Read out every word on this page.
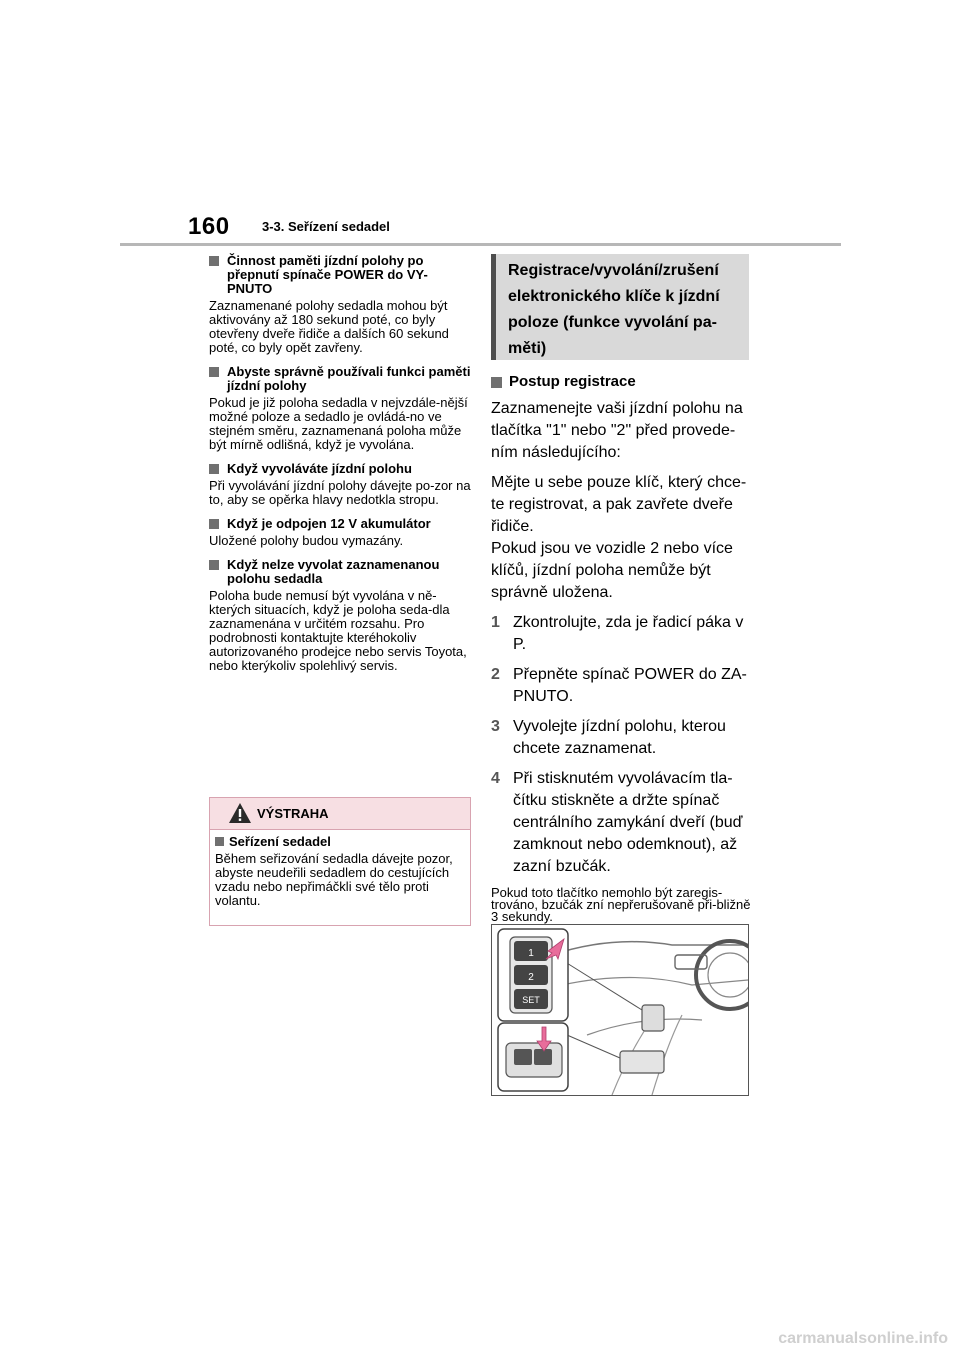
160 3-3. Seřízení sedadel
Činnost paměti jízdní polohy po přepnutí spínače POWER do VY-PNUTO
Zaznamenané polohy sedadla mohou být aktivovány až 180 sekund poté, co byly otevřeny dveře řidiče a dalších 60 sekund poté, co byly opět zavřeny.
Abyste správně používali funkci paměti jízdní polohy
Pokud je již poloha sedadla v nejvzdále-nější možné poloze a sedadlo je ovládá-no ve stejném směru, zaznamenaná poloha může být mírně odlišná, když je vyvolána.
Když vyvoláváte jízdní polohu
Při vyvolávání jízdní polohy dávejte po-zor na to, aby se opěrka hlavy nedotkla stropu.
Když je odpojen 12 V akumulátor
Uložené polohy budou vymazány.
Když nelze vyvolat zaznamenanou polohu sedadla
Poloha bude nemusí být vyvolána v ně-kterých situacích, když je poloha seda-dla zaznamenána v určitém rozsahu. Pro podrobnosti kontaktujte kteréhokoliv autorizovaného prodejce nebo servis Toyota, nebo kterýkoliv spolehlivý servis.
VÝSTRAHA
Seřízení sedadel
Během seřizování sedadla dávejte pozor, abyste neudeřili sedadlem do cestujících vzadu nebo nepřimáčkli své tělo proti volantu.
Registrace/vyvolání/zrušení elektronického klíče k jízdní poloze (funkce vyvolání pa-měti)
Postup registrace
Zaznamenejte vaši jízdní polohu na tlačítka "1" nebo "2" před provede-ním následujícího:
Mějte u sebe pouze klíč, který chce-te registrovat, a pak zavřete dveře řidiče.
Pokud jsou ve vozidle 2 nebo více klíčů, jízdní poloha nemůže být správně uložena.
1 Zkontrolujte, zda je řadicí páka v P.
2 Přepněte spínač POWER do ZA-PNUTO.
3 Vyvolejte jízdní polohu, kterou chcete zaznamenat.
4 Při stisknutém vyvolávacím tla-čítku stiskněte a držte spínač centrálního zamykání dveří (buď zamknout nebo odemknout), až zazní bzučák.
Pokud toto tlačítko nemohlo být zaregis-trováno, bzučák zní nepřerušovaně při-bližně 3 sekundy.
1
2
SET
carmanualsonline.info
